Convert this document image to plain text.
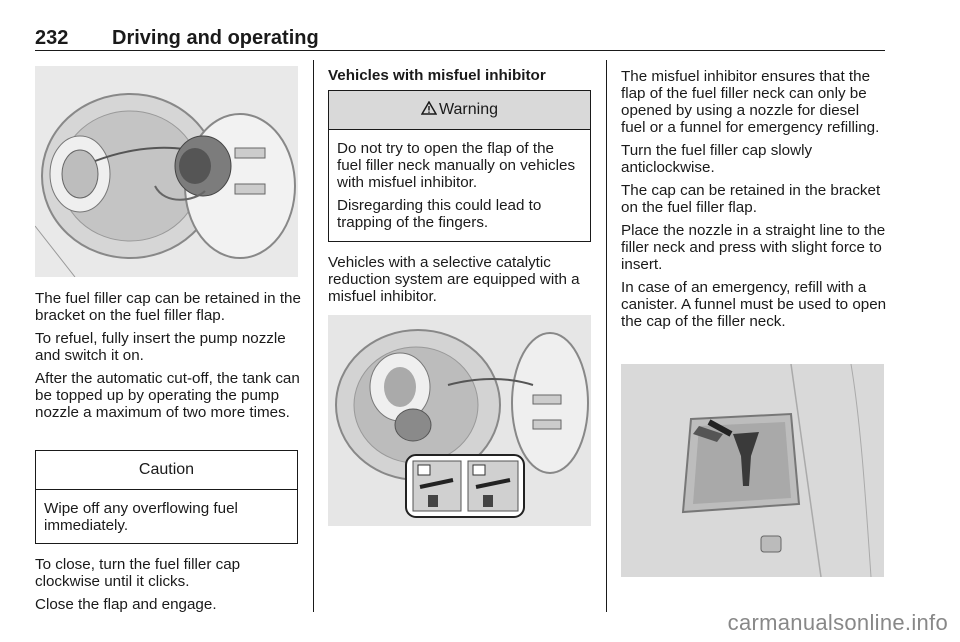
232 Driving and operating

The fuel filler cap can be retained in the bracket on the fuel filler flap.

To refuel, fully insert the pump nozzle and switch it on.

After the automatic cut-off, the tank can be topped up by operating the pump nozzle a maximum of two more times.

Caution

Wipe off any overflowing fuel immediately.

To close, turn the fuel filler cap clockwise until it clicks.

Close the flap and engage.

Vehicles with misfuel inhibitor
Warning

Do not try to open the flap of the fuel filler neck manually on vehicles with misfuel inhibitor.

Disregarding this could lead to trapping of the fingers.

Vehicles with a selective catalytic reduction system are equipped with a misfuel inhibitor.

The misfuel inhibitor ensures that the flap of the fuel filler neck can only be opened by using a nozzle for diesel fuel or a funnel for emergency refilling.

Turn the fuel filler cap slowly anticlockwise.

The cap can be retained in the bracket on the fuel filler flap.

Place the nozzle in a straight line to the filler neck and press with slight force to insert.

In case of an emergency, refill with a canister. A funnel must be used to open the cap of the filler neck.

carmanualsonline.info
